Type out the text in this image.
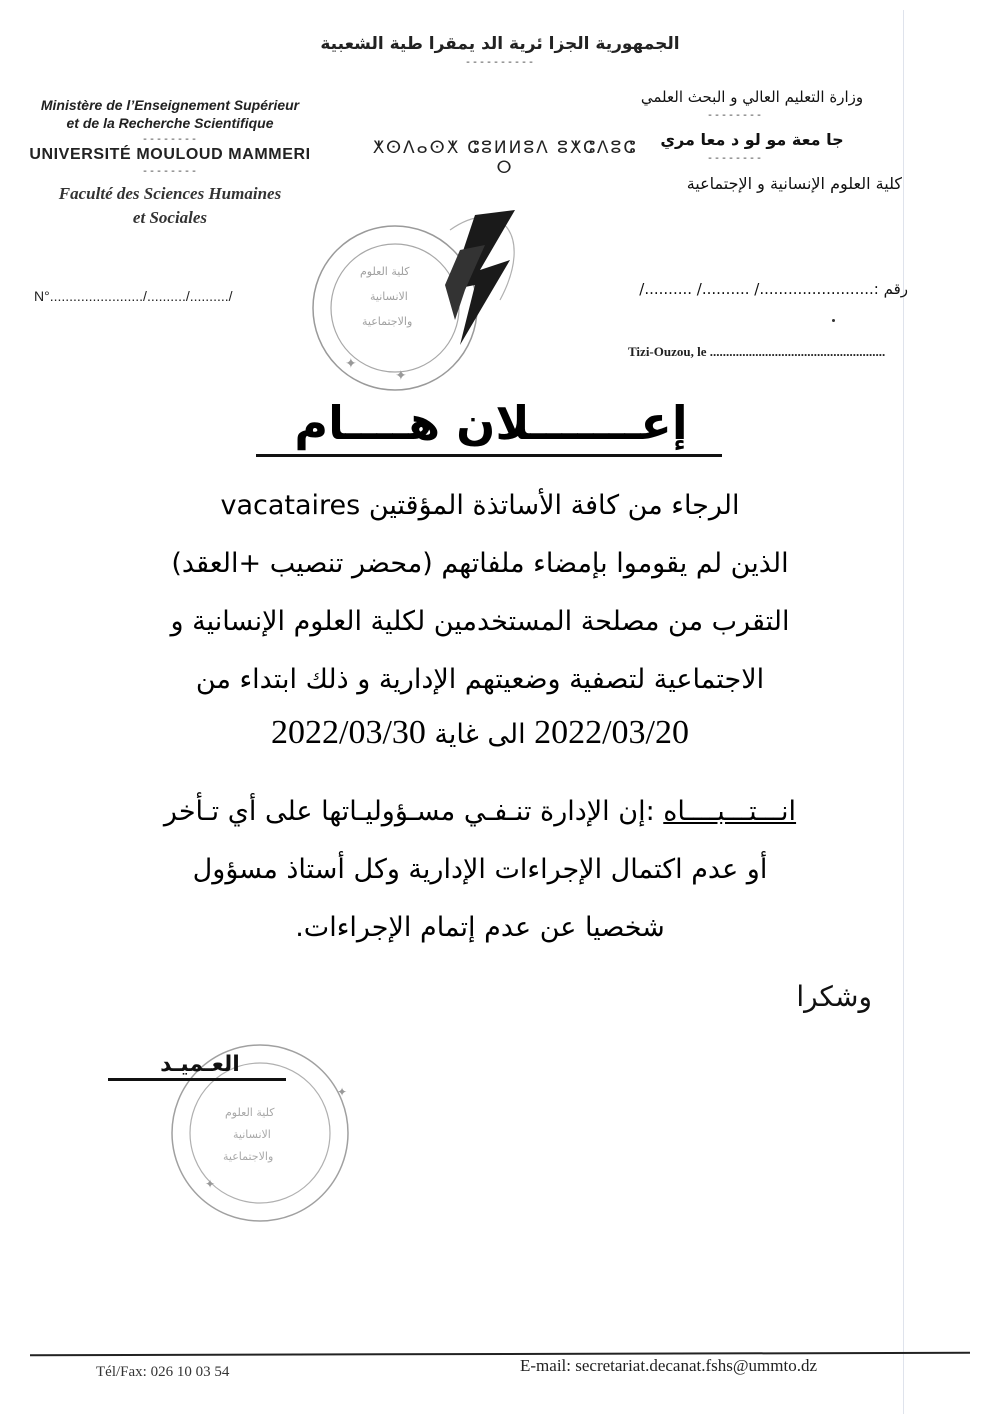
الجمهورية الجزا ئرية الد يمقرا طية الشعبية
----------
Ministère de l’Enseignement Supérieur
et de la Recherche Scientifique
--------
UNIVERSITÉ MOULOUD MAMMERI
--------
Faculté des Sciences Humaines
et Sociales
ⵅⵙⴷⴰⵙⵅ ⵛⵓⵍⵍⵓⴷ ⵓⵅⵛⴷⵓⵛ ⵔ
وزارة التعليم العالي و البحث العلمي
--------
جا معة مو لو د معا مري
--------
كلية العلوم الإنسانية و الإجتماعية
N°......................../........../........../	رقم :......................../ ........../ ........../
Tizi-Ouzou, le ......................................................
✦
✦
كلية العلوم
الانسانية
والاجتماعية
إعـــــــلان هــــام
الرجاء من كافة الأساتذة المؤقتين vacataires
الذين لم يقوموا بإمضاء ملفاتهم (محضر تنصيب +العقد)
التقرب من مصلحة المستخدمين لكلية العلوم الإنسانية و
الاجتماعية لتصفية وضعيتهم الإدارية و ذلك ابتداء من
2022/03/20 الى غاية 2022/03/30
انـــتـــبــــاه :إن الإدارة تنـفـي مسـؤوليـاتها على أي تـأخر
أو عدم اكتمال الإجراءات الإدارية وكل أستاذ مسؤول
شخصيا عن عدم إتمام الإجراءات.
وشكرا
✦
✦
كلية العلوم
الانسانية
والاجتماعية
العـميـد
Tél/Fax: 026 10 03 54	E-mail: secretariat.decanat.fshs@ummto.dz
